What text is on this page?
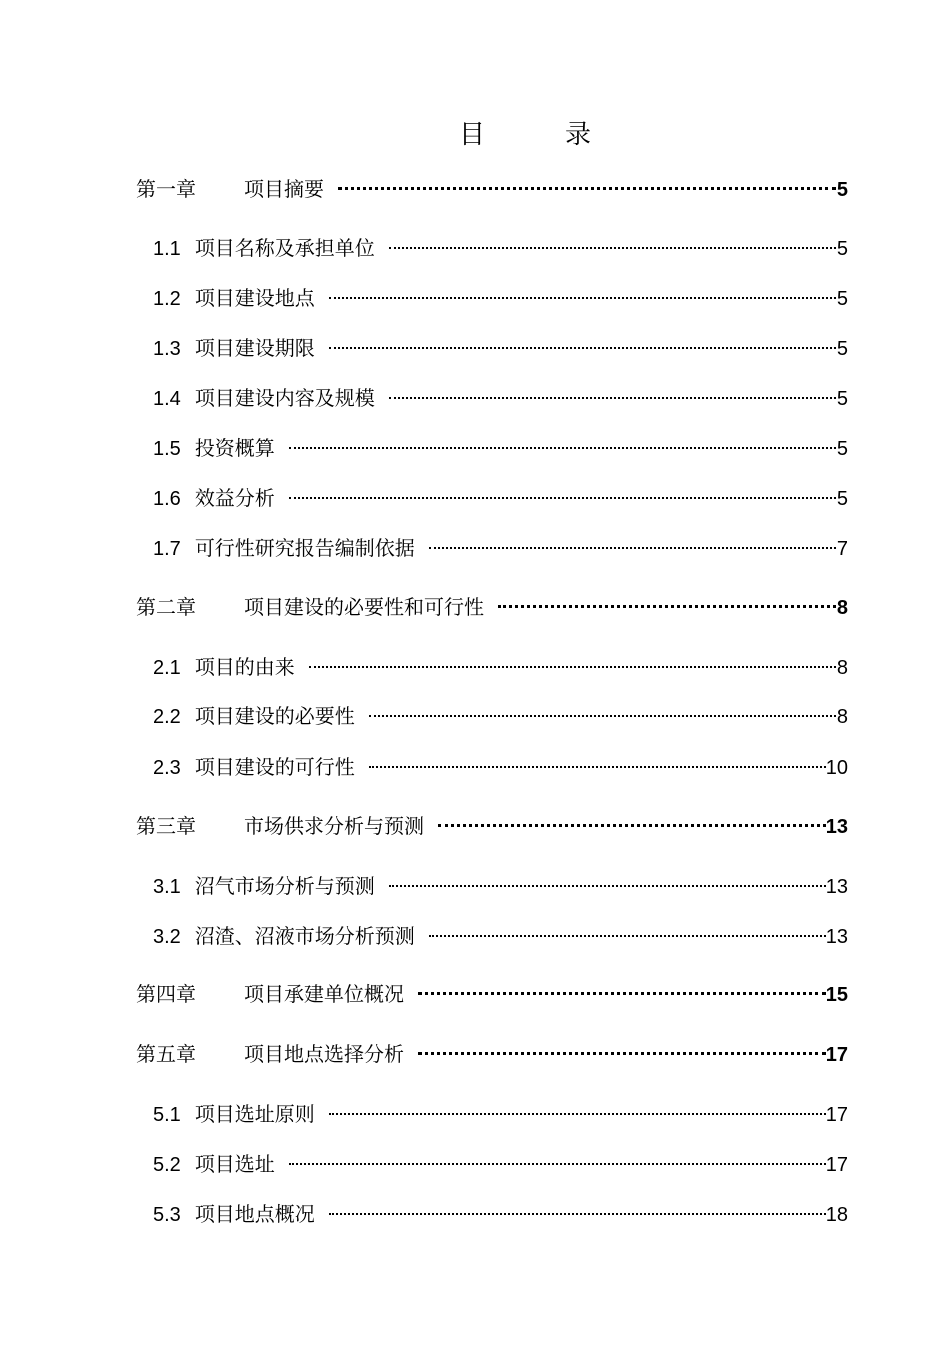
目	录
第一章	项目摘要	5
1.1 项目名称及承担单位	5
1.2 项目建设地点	5
1.3 项目建设期限	5
1.4 项目建设内容及规模	5
1.5 投资概算	5
1.6 效益分析	5
1.7 可行性研究报告编制依据	7
第二章	项目建设的必要性和可行性	8
2.1 项目的由来	8
2.2 项目建设的必要性	8
2.3 项目建设的可行性	10
第三章	市场供求分析与预测	13
3.1 沼气市场分析与预测	13
3.2 沼渣、沼液市场分析预测	13
第四章	项目承建单位概况	15
第五章	项目地点选择分析	17
5.1 项目选址原则	17
5.2 项目选址	17
5.3 项目地点概况	18
